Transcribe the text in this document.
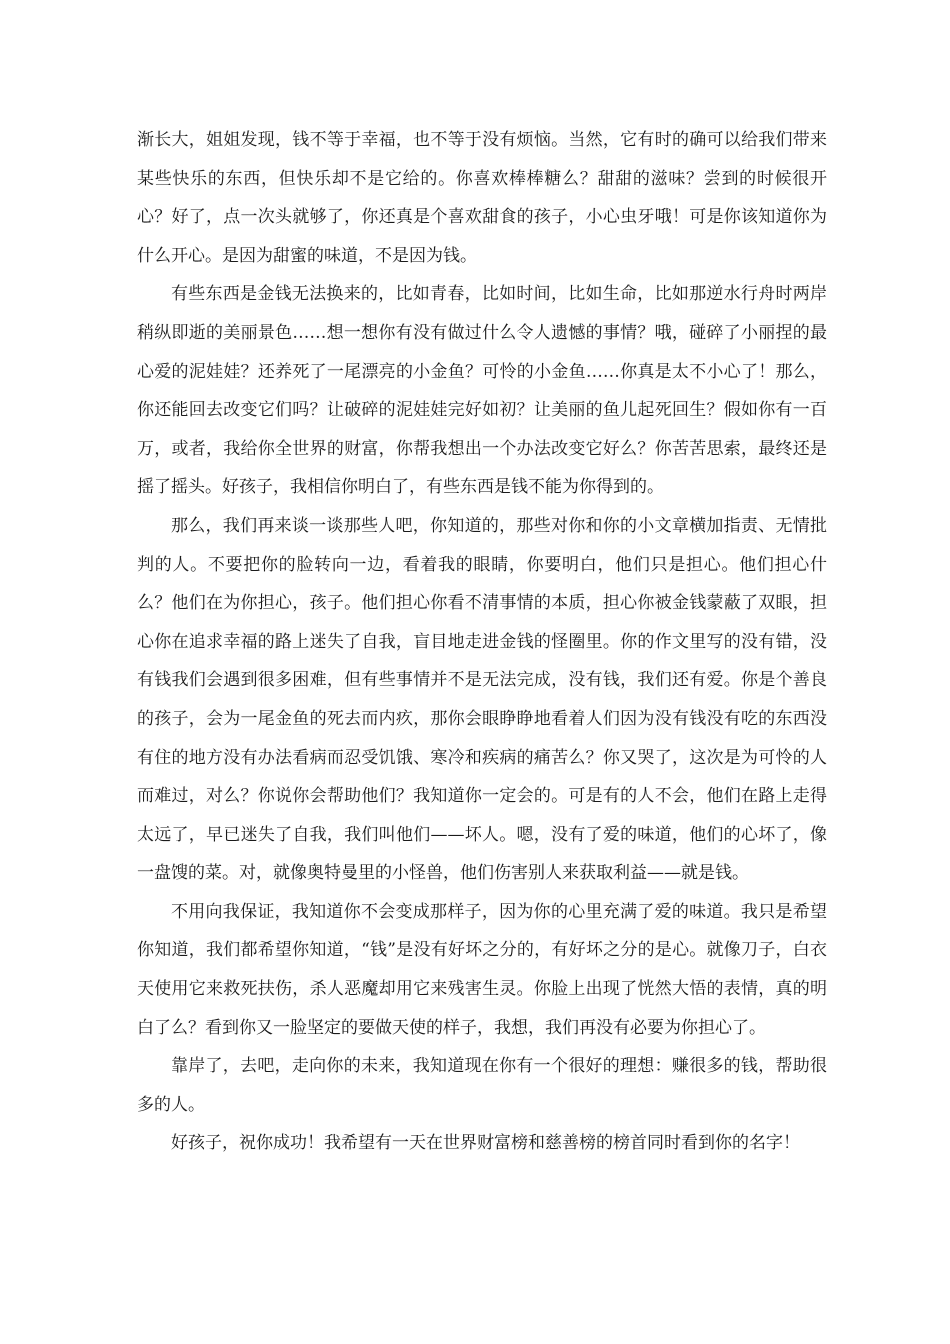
渐长大，姐姐发现，钱不等于幸福，也不等于没有烦恼。当然，它有时的确可以给我们带来某些快乐的东西，但快乐却不是它给的。你喜欢棒棒糖么？甜甜的滋味？尝到的时候很开心？好了，点一次头就够了，你还真是个喜欢甜食的孩子，小心虫牙哦！可是你该知道你为什么开心。是因为甜蜜的味道，不是因为钱。

有些东西是金钱无法换来的，比如青春，比如时间，比如生命，比如那逆水行舟时两岸稍纵即逝的美丽景色……想一想你有没有做过什么令人遗憾的事情？哦，碰碎了小丽捏的最心爱的泥娃娃？还养死了一尾漂亮的小金鱼？可怜的小金鱼……你真是太不小心了！那么，你还能回去改变它们吗？让破碎的泥娃娃完好如初？让美丽的鱼儿起死回生？假如你有一百万，或者，我给你全世界的财富，你帮我想出一个办法改变它好么？你苦苦思索，最终还是摇了摇头。好孩子，我相信你明白了，有些东西是钱不能为你得到的。

那么，我们再来谈一谈那些人吧，你知道的，那些对你和你的小文章横加指责、无情批判的人。不要把你的脸转向一边，看着我的眼睛，你要明白，他们只是担心。他们担心什么？他们在为你担心，孩子。他们担心你看不清事情的本质，担心你被金钱蒙蔽了双眼，担心你在追求幸福的路上迷失了自我，盲目地走进金钱的怪圈里。你的作文里写的没有错，没有钱我们会遇到很多困难，但有些事情并不是无法完成，没有钱，我们还有爱。你是个善良的孩子，会为一尾金鱼的死去而内疚，那你会眼睁睁地看着人们因为没有钱没有吃的东西没有住的地方没有办法看病而忍受饥饿、寒冷和疾病的痛苦么？你又哭了，这次是为可怜的人而难过，对么？你说你会帮助他们？我知道你一定会的。可是有的人不会，他们在路上走得太远了，早已迷失了自我，我们叫他们——坏人。嗯，没有了爱的味道，他们的心坏了，像一盘馊的菜。对，就像奥特曼里的小怪兽，他们伤害别人来获取利益——就是钱。

不用向我保证，我知道你不会变成那样子，因为你的心里充满了爱的味道。我只是希望你知道，我们都希望你知道，“钱”是没有好坏之分的，有好坏之分的是心。就像刀子，白衣天使用它来救死扶伤，杀人恶魔却用它来残害生灵。你脸上出现了恍然大悟的表情，真的明白了么？看到你又一脸坚定的要做天使的样子，我想，我们再没有必要为你担心了。

靠岸了，去吧，走向你的未来，我知道现在你有一个很好的理想：赚很多的钱，帮助很多的人。

好孩子，祝你成功！我希望有一天在世界财富榜和慈善榜的榜首同时看到你的名字！
